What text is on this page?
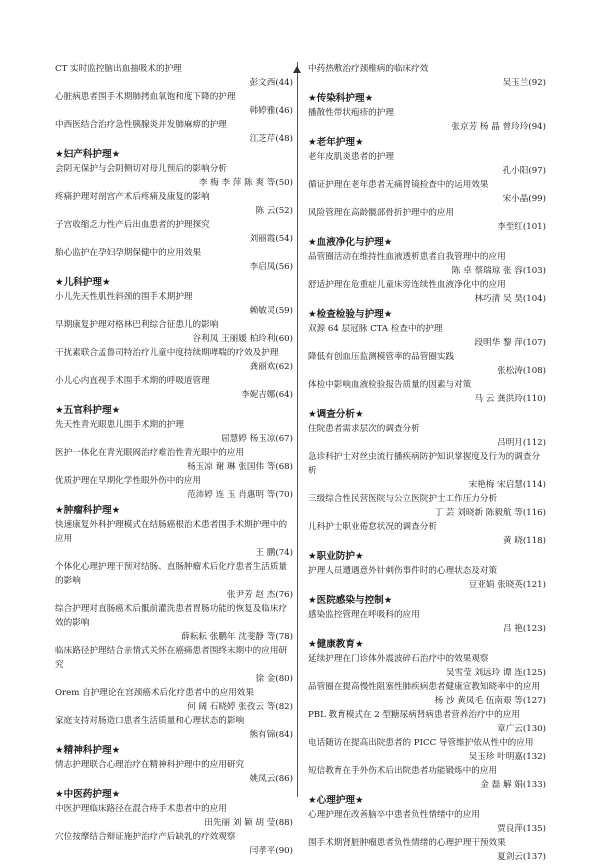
CT 实时监控脑出血抽吸术的护理
彭文西(44)
心脏病患者围手术期肺拷血氧饱和度下降的护理
韩婷雅(46)
中西医结合治疗急性胰腺炎并发肺麻痹的护理
江芝芹(48)
★妇产科护理★
会阴无保护与会阴侧切对母儿预后的影响分析
李 梅 李 萍 陈 爽 等(50)
疼痛护理对剖宫产术后疼痛及康复的影响
陈 云(52)
子宫收缩乏力性产后出血患者的护理探究
刘丽霞(54)
胎心监护在孕妇孕期保健中的应用效果
李启凤(56)
★儿科护理★
小儿先天性肌性斜颈的围手术期护理
赖敏灵(59)
早期康复护理对格林巴利综合征患儿的影响
谷利凤 王丽媛 柏玲利(60)
干扰素联合孟鲁司特治疗儿童中度持续期哮喘的疗效及护理
龚丽欢(62)
小儿心内直视手术围手术期的呼吸道管理
李妮吉娜(64)
★五官科护理★
先天性青光眼患儿围手术期的护理
屈慧婷 杨玉凉(67)
医护一体化在青光眼阀治疗难治性青光眼中的应用
杨玉凉 谢 琳 张国伟 等(68)
优质护理在早期化学性眼外伤中的应用
范沛婷 连 玉 肖惠明 等(70)
★肿瘤科护理★
快速康复外科护理模式在结肠癌根治术患者围手术期护理中的应用
王 鹏(74)
个体化心理护理干预对结肠、直肠肿瘤术后化疗患者生活质量的影响
张尹芳 赵 杰(76)
综合护理对直肠癌术后骶前灌洗患者胃肠功能的恢复及临床疗效的影响
薛耘耘 张鹏年 沈斐静 等(78)
临床路径护理结合亲情式关怀在癌痛患者围终末期中的应用研究
徐 金(80)
Orem 自护理论在宫颈癌术后化疗患者中的应用效果
何 阔 石晓婷 张孜云 等(82)
家庭支持对肠造口患者生活质量和心理状态的影响
熊有锦(84)
★精神科护理★
情志护理联合心理治疗在精神科护理中的应用研究
姚凤云(86)
★中医药护理★
中医护理临床路径在混合痔手术患者中的应用
田先丽 刘 颖 胡 莹(88)
穴位按摩结合辩证施护治疗产后缺乳的疗效观察
闫孝平(90)
中药热敷治疗颈椎病的临床疗效
吴玉兰(92)
★传染科护理★
播散性带状疱疹的护理
张京芳 杨 晶 曾玲玲(94)
★老年护理★
老年皮肌炎患者的护理
孔小阳(97)
循证护理在老年患者无痛胃镜检查中的运用效果
宋小晶(99)
风险管理在高龄髋部骨折护理中的应用
李至红(101)
★血液净化与护理★
品管圈活动在维持性血液透析患者自我管理中的应用
陈 卓 蔡瑞琼 张 容(103)
舒适护理在危重症儿童床旁连续性血液净化中的应用
林巧清 吴 昊(104)
★检查检验与护理★
双源 64 层冠脉 CTA 检查中的护理
段明华 黎 萍(107)
降低有创血压监测模管率的品管圈实践
张松涛(108)
体检中影响血液检验报告质量的因素与对策
马 云 龚洪玲(110)
★调查分析★
住院患者需求层次的调查分析
吕明月(112)
急诊科护士对丝虫流行播疾病防护知识掌握度及行为的调查分析
宋艳梅 宋启慧(114)
三级综合性民营医院与公立医院护士工作压力分析
丁 芸 刘晓新 陈毅航 等(116)
儿科护士职业倦怠状况的调查分析
黄 晓(118)
★职业防护★
护理人员遭遇意外针刺伤事件时的心理状态及对策
豆亚娟 张晓英(121)
★医院感染与控制★
感染监控管理在呼吸科的应用
吕 艳(123)
★健康教育★
延续护理在门诊体外震波碎石治疗中的效果观察
吴雪莹 刘远玲 谭 连(125)
品管圈在提高慢性阻塞性肺疾病患者健康宣教知晓率中的应用
杨 沙 黄凤毛 伍南艰 等(127)
PBL 教育模式在 2 型糖尿病肾病患者营养治疗中的应用
章广云(130)
电话随访在提高出院患者的 PICC 导管维护依从性中的应用
吴玉珍 叶明嘉(132)
短信教育在手外伤术后出院患者功能锻炼中的应用
金 磊 解 娟(133)
★心理护理★
心理护理在改善脑卒中患者负性情绪中的应用
贾良萍(135)
围手术期肾脏肿瘤患者负性情绪的心理护理干预效果
夏剑云(137)
